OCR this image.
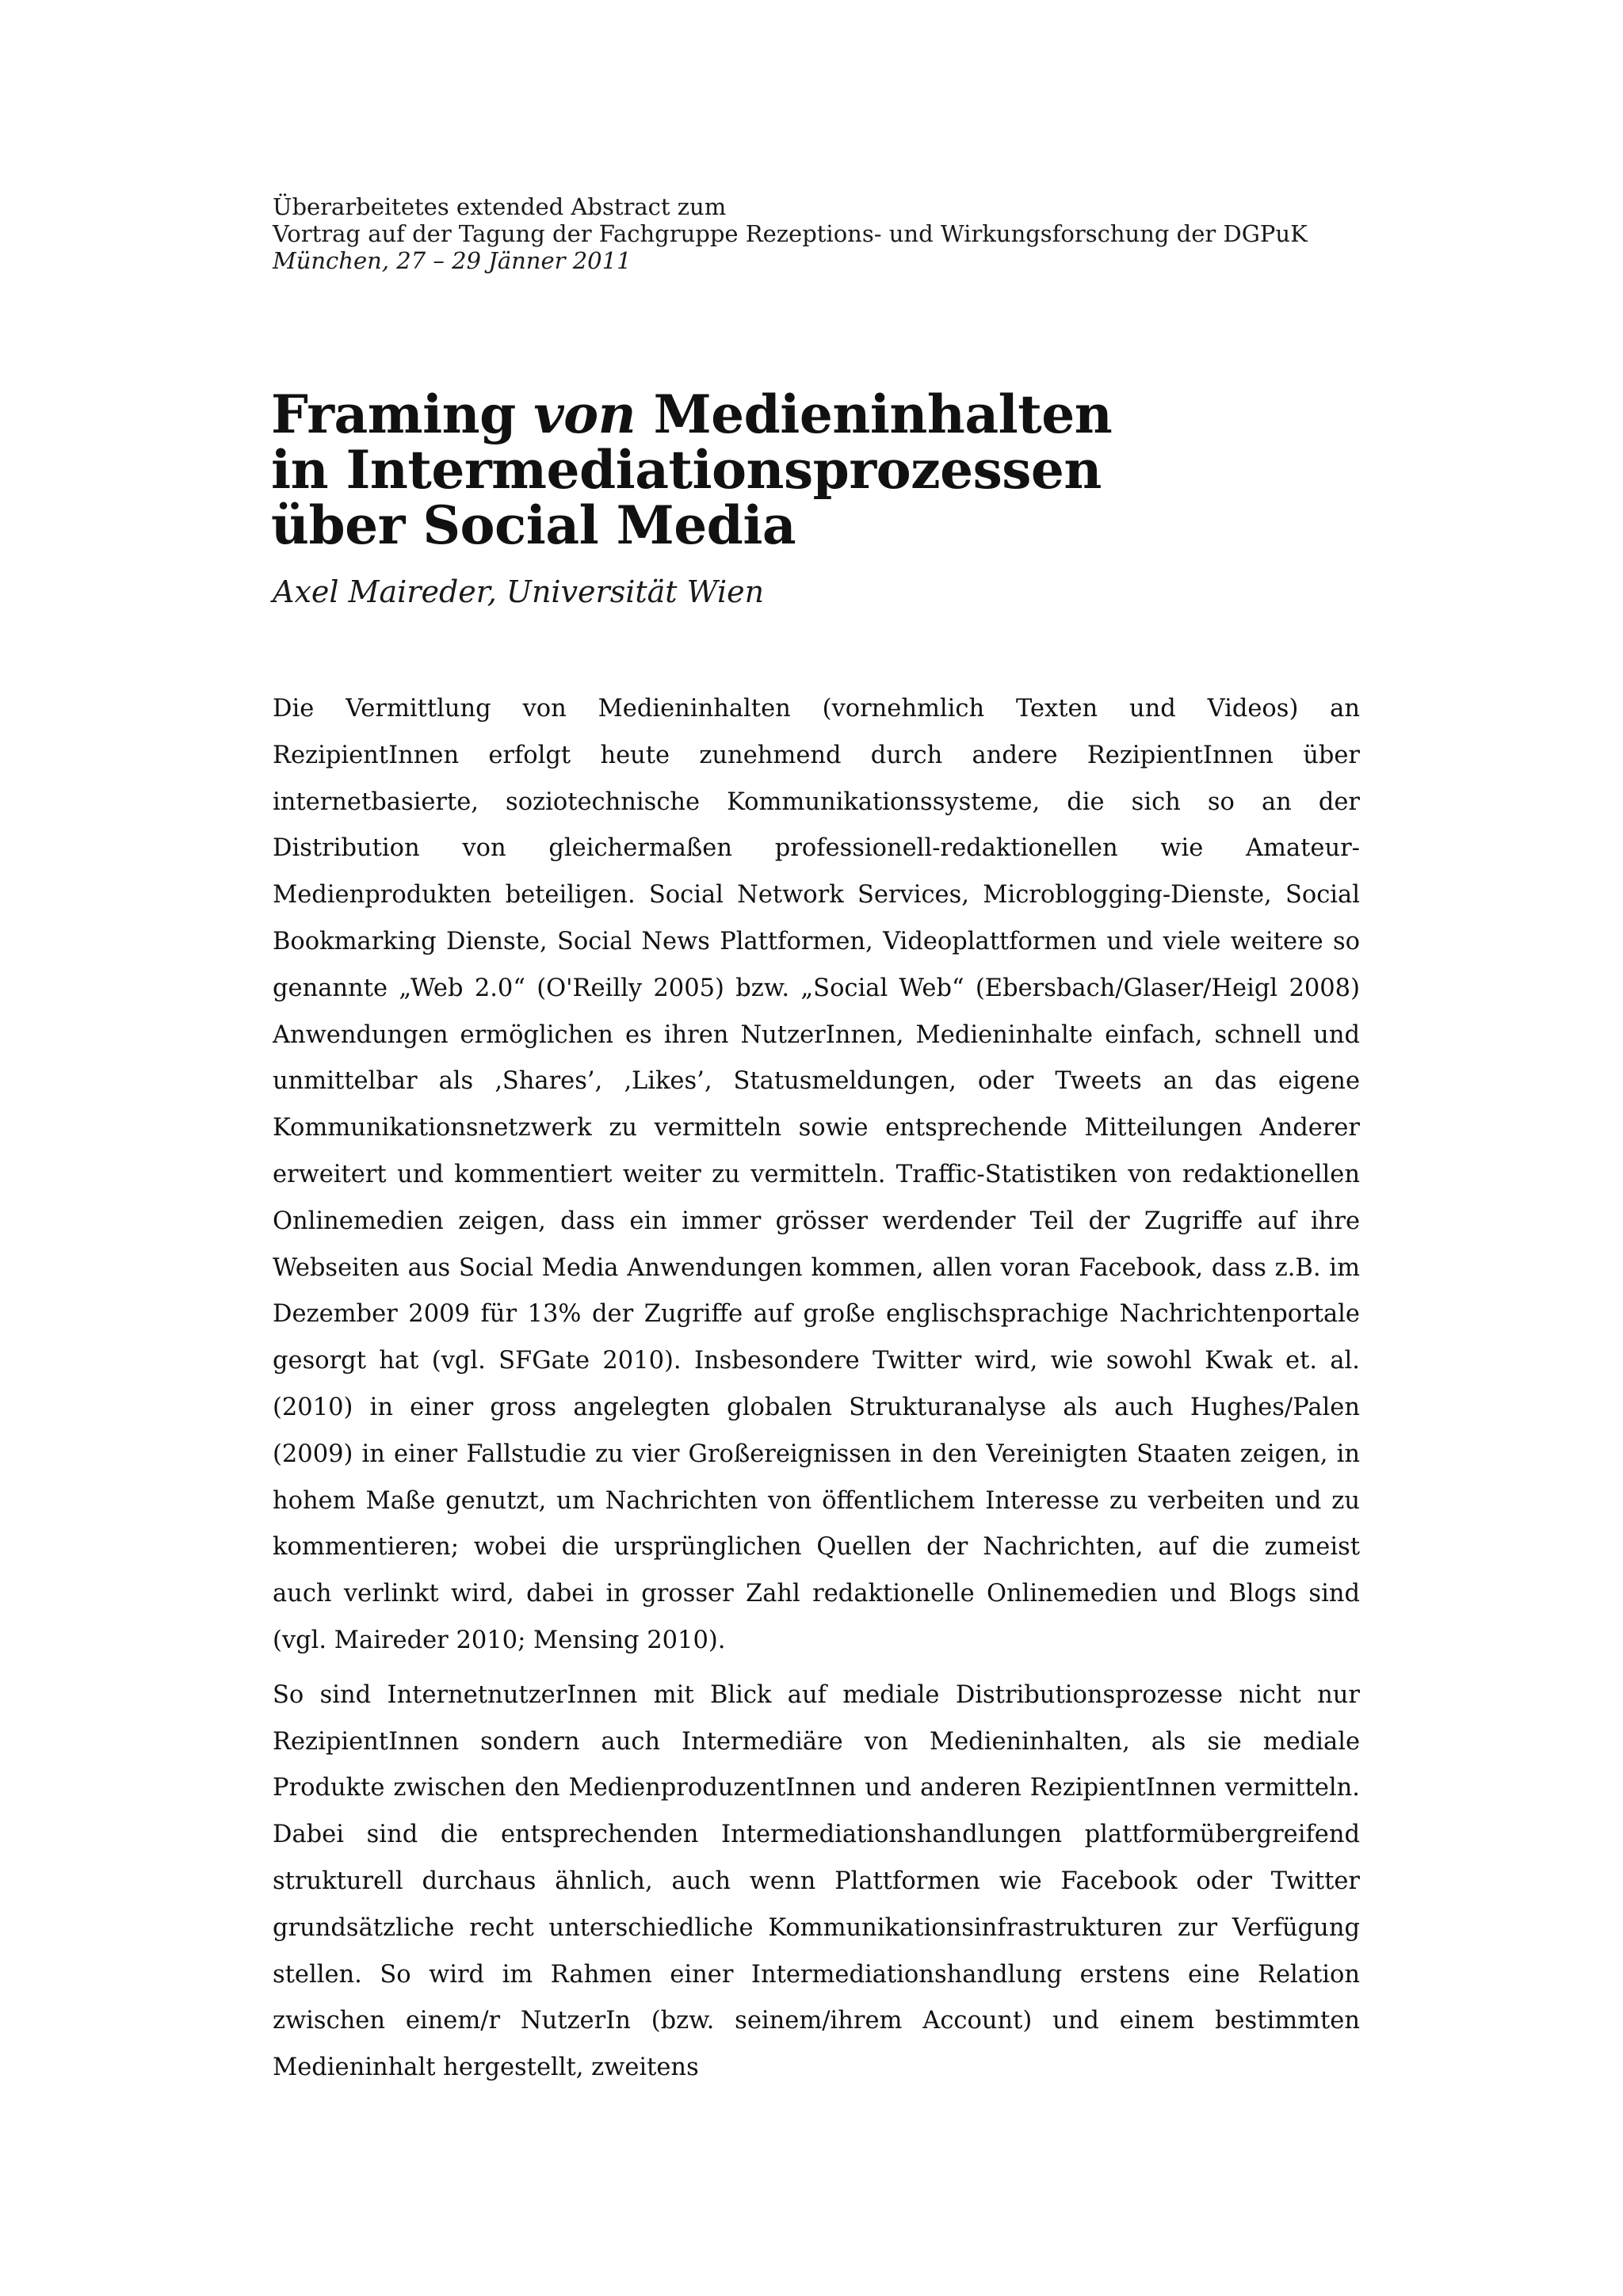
Überarbeitetes extended Abstract zum
Vortrag auf der Tagung der Fachgruppe Rezeptions- und Wirkungsforschung der DGPuK
München, 27 – 29 Jänner 2011
Framing von Medieninhalten
in Intermediationsprozessen
über Social Media
Axel Maireder, Universität Wien

Die Vermittlung von Medieninhalten (vornehmlich Texten und Videos) an RezipientInnen erfolgt heute zunehmend durch andere RezipientInnen über internetbasierte, soziotechnische Kommunikationssysteme, die sich so an der Distribution von gleichermaßen professionell-redaktionellen wie Amateur-Medienprodukten beteiligen. Social Network Services, Microblogging-Dienste, Social Bookmarking Dienste, Social News Plattformen, Videoplattformen und viele weitere so genannte „Web 2.0“ (O'Reilly 2005) bzw. „Social Web“ (Ebersbach/Glaser/Heigl 2008) Anwendungen ermöglichen es ihren NutzerInnen, Medieninhalte einfach, schnell und unmittelbar als ‚Shares’, ‚Likes’, Statusmeldungen, oder Tweets an das eigene Kommunikationsnetzwerk zu vermitteln sowie entsprechende Mitteilungen Anderer erweitert und kommentiert weiter zu vermitteln. Traffic-Statistiken von redaktionellen Onlinemedien zeigen, dass ein immer grösser werdender Teil der Zugriffe auf ihre Webseiten aus Social Media Anwendungen kommen, allen voran Facebook, dass z.B. im Dezember 2009 für 13% der Zugriffe auf große englischsprachige Nachrichtenportale gesorgt hat (vgl. SFGate 2010). Insbesondere Twitter wird, wie sowohl Kwak et. al. (2010) in einer gross angelegten globalen Strukturanalyse als auch Hughes/Palen (2009) in einer Fallstudie zu vier Großereignissen in den Vereinigten Staaten zeigen, in hohem Maße genutzt, um Nachrichten von öffentlichem Interesse zu verbeiten und zu kommentieren; wobei die ursprünglichen Quellen der Nachrichten, auf die zumeist auch verlinkt wird, dabei in grosser Zahl redaktionelle Onlinemedien und Blogs sind (vgl. Maireder 2010; Mensing 2010).

So sind InternetnutzerInnen mit Blick auf mediale Distributionsprozesse nicht nur RezipientInnen sondern auch Intermediäre von Medieninhalten, als sie mediale Produkte zwischen den MedienproduzentInnen und anderen RezipientInnen vermitteln. Dabei sind die entsprechenden Intermediationshandlungen plattformübergreifend strukturell durchaus ähnlich, auch wenn Plattformen wie Facebook oder Twitter grundsätzliche recht unterschiedliche Kommunikationsinfrastrukturen zur Verfügung stellen. So wird im Rahmen einer Intermediationshandlung erstens eine Relation zwischen einem/r NutzerIn (bzw. seinem/ihrem Account) und einem bestimmten Medieninhalt hergestellt, zweitens
